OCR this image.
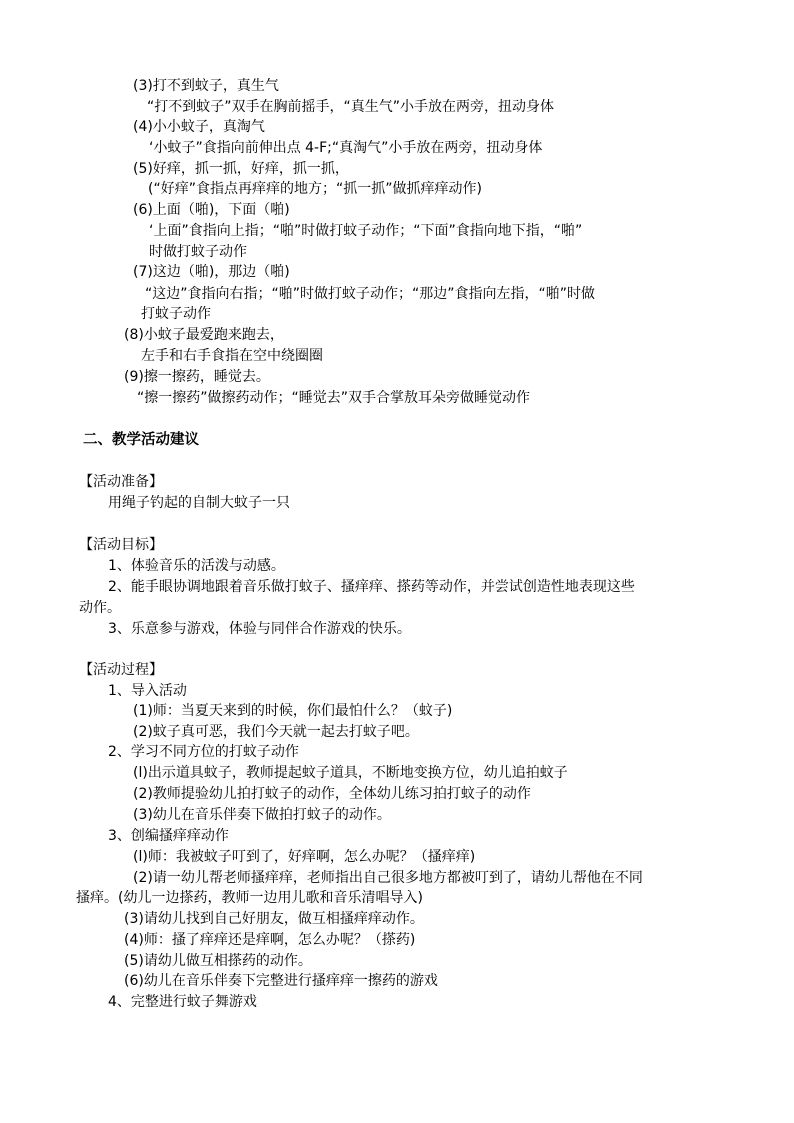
(3)打不到蚊子，真生气
“打不到蚊子”双手在胸前摇手，“真生气”小手放在两旁，扭动身体
(4)小小蚊子，真淘气
‘小蚊子”食指向前伸出点 4-F;“真淘气”小手放在两旁，扭动身体
(5)好痒，抓一抓，好痒，抓一抓，
(“好痒”食指点再痒痒的地方；“抓一抓”做抓痒痒动作)
(6)上面（啪)，下面（啪)
‘上面”食指向上指；“啪”时做打蚊子动作；“下面”食指向地下指，“啪”
时做打蚊子动作
(7)这边（啪)，那边（啪)
“这边”食指向右指；“啪”时做打蚊子动作；“那边”食指向左指，“啪”时做
打蚊子动作
(8)小蚊子最爱跑来跑去，
左手和右手食指在空中绕圈圈
(9)擦一擦药，睡觉去。
“擦一擦药”做擦药动作；“睡觉去”双手合掌敖耳朵旁做睡觉动作
二、教学活动建议
【活动准备】
用绳子钓起的自制大蚊子一只
【活动目标】
1、体验音乐的活泼与动感。
2、能手眼协调地跟着音乐做打蚊子、搔痒痒、搽药等动作，并尝试创造性地表现这些
动作。
3、乐意参与游戏，体验与同伴合作游戏的快乐。
【活动过程】
1、导入活动
(1)师：当夏天来到的时候，你们最怕什么？（蚊子)
(2)蚊子真可恶，我们今天就一起去打蚊子吧。
2、学习不同方位的打蚊子动作
(l)出示道具蚊子，教师提起蚊子道具，不断地变换方位，幼儿追拍蚊子
(2)教师提验幼儿拍打蚊子的动作，全体幼儿练习拍打蚊子的动作
(3)幼儿在音乐伴奏下做拍打蚊子的动作。
3、创编搔痒痒动作
(l)师：我被蚊子叮到了，好痒啊，怎么办呢？（搔痒痒)
(2)请一幼儿帮老师搔痒痒，老师指出自己很多地方都被叮到了，请幼儿帮他在不同
搔痒。(幼儿一边搽药，教师一边用儿歌和音乐清唱导入)
(3)请幼儿找到自己好朋友，做互相搔痒痒动作。
(4)师：搔了痒痒还是痒啊，怎么办呢？（搽药)
(5)请幼儿做互相搽药的动作。
(6)幼儿在音乐伴奏下完整进行搔痒痒一擦药的游戏
4、完整进行蚊子舞游戏
